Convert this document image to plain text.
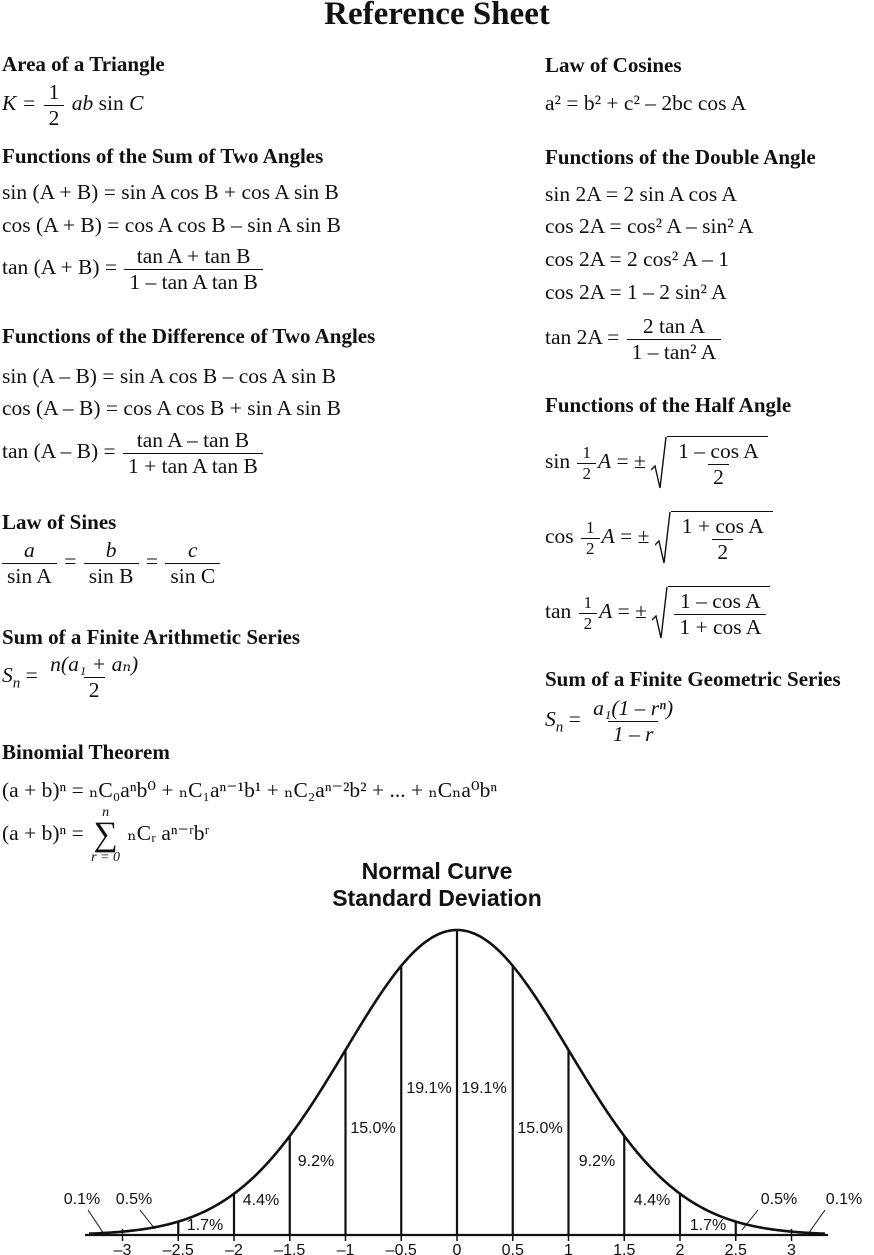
Reference Sheet
Area of a Triangle
$K = \frac{1}{2}$ ab sin C
Functions of the Sum of Two Angles
sin (A + B) = sin A cos B + cos A sin B
cos (A + B) = cos A cos B – sin A sin B
$\tan (A + B) = \frac{\text{tan A + tan B}}{\text{1 – tan A tan B}}$
Functions of the Difference of Two Angles
sin (A – B) = sin A cos B – cos A sin B
cos (A – B) = cos A cos B + sin A sin B
$\tan (A - B) = \frac{\text{tan A – tan B}}{\text{1 + tan A tan B}}$
Law of Sines
$\frac{a}{\text{sin A}} = \frac{b}{\text{sin B}} = \frac{c}{\text{sin C}}$
Sum of a Finite Arithmetic Series
$S_n = \frac{\text{n(a₁ + aₙ)}}{2}$
Binomial Theorem
(a + b)ⁿ = ₙC₀aⁿb⁰ + ₙC₁aⁿ⁻¹b¹ + ₙC₂aⁿ⁻²b² + ... + ₙCₙa⁰bⁿ
(a + b)ⁿ =
n
∑
r = 0
ₙCᵣ aⁿ⁻ʳbʳ
Law of Cosines
a² = b² + c² – 2bc cos A
Functions of the Double Angle
sin 2A = 2 sin A cos A
cos 2A = cos² A – sin² A
cos 2A = 2 cos² A – 1
cos 2A = 1 – 2 sin² A
$\tan 2A = \frac{\text{2 tan A}}{\text{1 – tan² A}}$
Functions of the Half Angle
$\sin \frac{1}{2}$ A = ± $\frac{\text{1 – cos A}}{2}$
$\cos \frac{1}{2}$ A = ± $\frac{\text{1 + cos A}}{2}$
$\tan \frac{1}{2}$ A = ± $\frac{\text{1 – cos A}}{\text{1 + cos A}}$
Sum of a Finite Geometric Series
$S_n = \frac{\text{a₁(1 – rⁿ)}}{1 - r}$
Normal Curve
Standard Deviation
–3 –2.5 –2 –1.5 –1 –0.5 0	0.5	1	1.5	2	2.5	3
0.1% 0.5%
1.7%
4.4%
9.2%
15.0%
19.1% 19.1%
15.0%
9.2%
4.4%
1.7%
0.5% 0.1%
